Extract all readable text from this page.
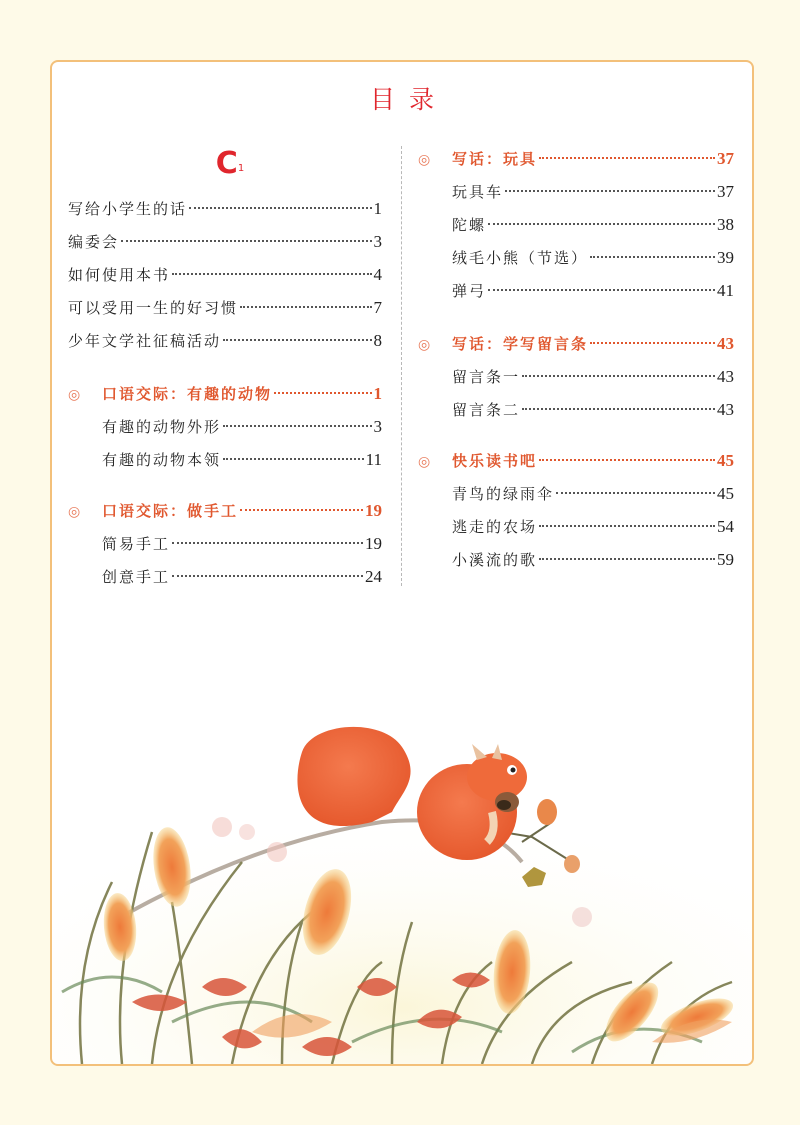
目录
$C_1$
写给小学生的话	1
编委会	3
如何使用本书	4
可以受用一生的好习惯	7
少年文学社征稿活动	8
◎	口语交际：有趣的动物	1
有趣的动物外形	3
有趣的动物本领	11
◎	口语交际：做手工	19
简易手工	19
创意手工	24
◎	写话：玩具	37
玩具车	37
陀螺	38
绒毛小熊（节选）	39
弹弓	41
◎	写话：学写留言条	43
留言条一	43
留言条二	43
◎	快乐读书吧	45
青鸟的绿雨伞	45
逃走的农场	54
小溪流的歌	59
